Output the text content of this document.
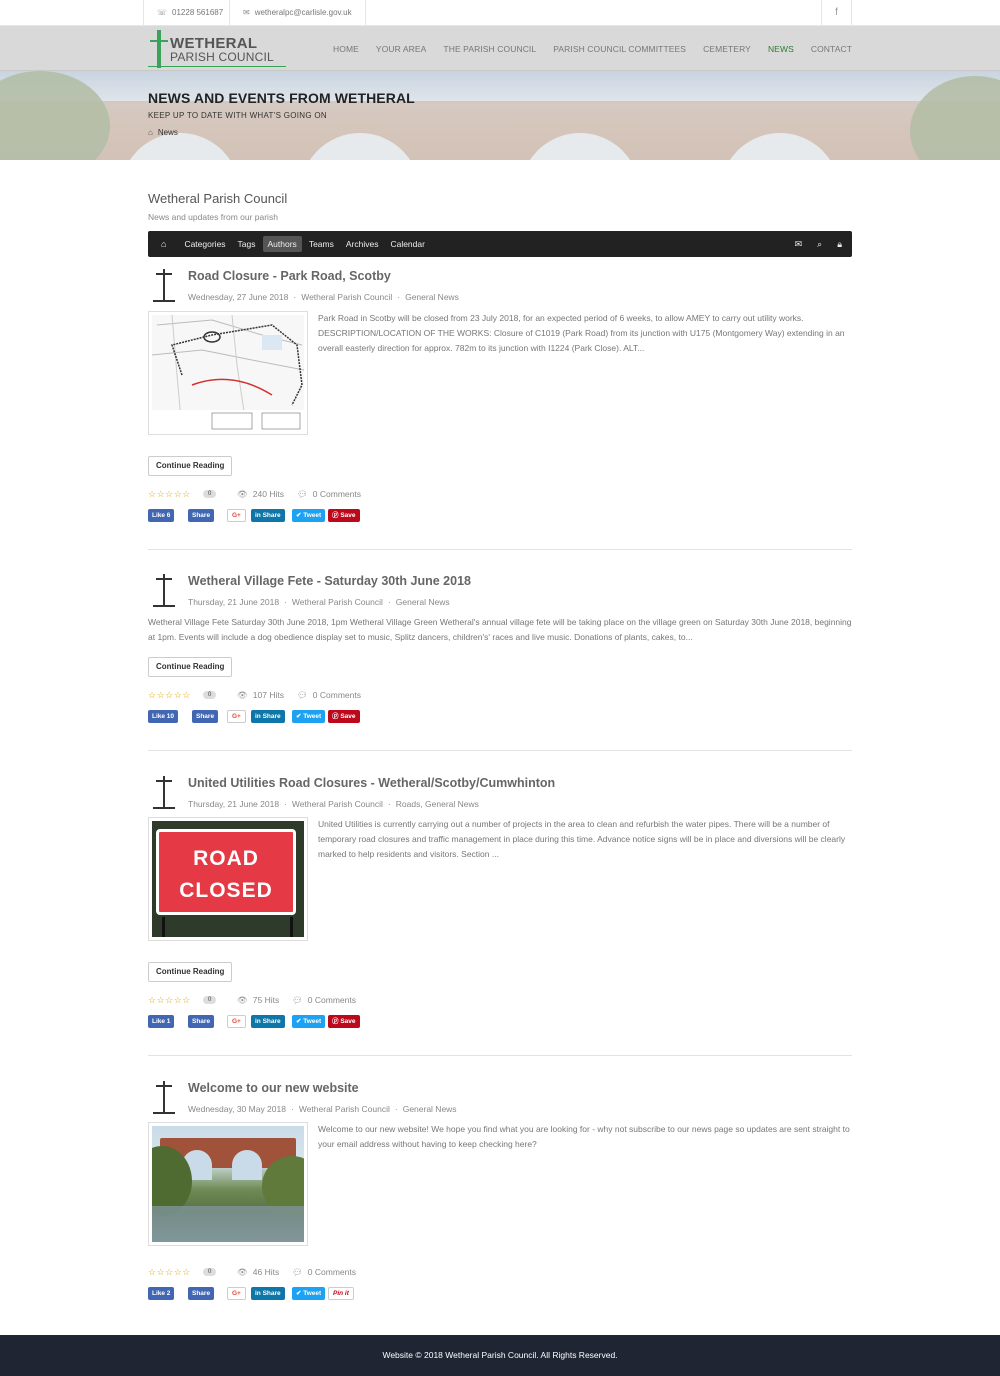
☏ 01228 561687	✉ wetheralpc@carlisle.gov.uk	f
WETHERAL
PARISH COUNCIL
HOME YOUR AREA THE PARISH COUNCIL PARISH COUNCIL COMMITTEES CEMETERY NEWS CONTACT
NEWS AND EVENTS FROM WETHERAL
KEEP UP TO DATE WITH WHAT'S GOING ON
⌂ News
Wetheral Parish Council
News and updates from our parish
⌂	Categories	Tags	Authors	Teams	Archives	Calendar	✉ ⌕ 🔒︎
Road Closure - Park Road, Scotby
Wednesday, 27 June 2018 · Wetheral Parish Council · General News
Park Road in Scotby will be closed from 23 July 2018, for an expected period of 6 weeks, to allow AMEY to carry out utility works. DESCRIPTION/LOCATION OF THE WORKS: Closure of C1019 (Park Road) from its junction with U175 (Montgomery Way) extending in an overall easterly direction for approx. 782m to its junction with I1224 (Park Close). ALT...
Continue Reading
☆☆☆☆☆	0	👁︎ 240 Hits 💬︎ 0 Comments
Like 6	Share	G+	in Share	✔︎ Tweet	ⓟ Save
Wetheral Village Fete - Saturday 30th June 2018
Thursday, 21 June 2018 · Wetheral Parish Council · General News
Wetheral Village Fete Saturday 30th June 2018, 1pm Wetheral Village Green Wetheral's annual village fete will be taking place on the village green on Saturday 30th June 2018, beginning at 1pm. Events will include a dog obedience display set to music, Splitz dancers, children's' races and live music. Donations of plants, cakes, to...
Continue Reading
☆☆☆☆☆	0	👁︎ 107 Hits 💬︎ 0 Comments
Like 10	Share	G+	in Share	✔︎ Tweet	ⓟ Save
United Utilities Road Closures - Wetheral/Scotby/Cumwhinton
Thursday, 21 June 2018 · Wetheral Parish Council · Roads, General News
ROAD
CLOSED
United Utilities is currently carrying out a number of projects in the area to clean and refurbish the water pipes. There will be a number of temporary road closures and traffic management in place during this time. Advance notice signs will be in place and diversions will be clearly marked to help residents and visitors. Section ...
Continue Reading
☆☆☆☆☆	0	👁︎ 75 Hits 💬︎ 0 Comments
Like 1	Share	G+	in Share	✔︎ Tweet	ⓟ Save
Welcome to our new website
Wednesday, 30 May 2018 · Wetheral Parish Council · General News
Welcome to our new website! We hope you find what you are looking for - why not subscribe to our news page so updates are sent straight to your email address without having to keep checking here?
☆☆☆☆☆	0	👁︎ 46 Hits 💬︎ 0 Comments
Like 2	Share	G+	in Share	✔︎ Tweet	Pin it

Website © 2018 Wetheral Parish Council. All Rights Reserved.
